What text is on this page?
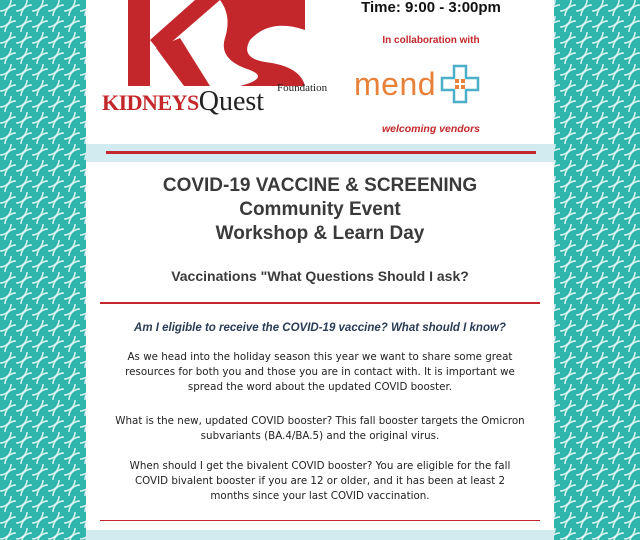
KIDNEYSQuest Foundation
Time: 9:00 - 3:00pm
In collaboration with
mend
welcoming vendors
COVID-19 VACCINE & SCREENING
Community Event
Workshop & Learn Day
Vaccinations "What Questions Should I ask?
Am I eligible to receive the COVID-19 vaccine? What should I know?
As we head into the holiday season this year we want to share some great resources for both you and those you are in contact with. It is important we spread the word about the updated COVID booster.
What is the new, updated COVID booster? This fall booster targets the Omicron subvariants (BA.4/BA.5) and the original virus.
When should I get the bivalent COVID booster? You are eligible for the fall COVID bivalent booster if you are 12 or older, and it has been at least 2 months since your last COVID vaccination.
